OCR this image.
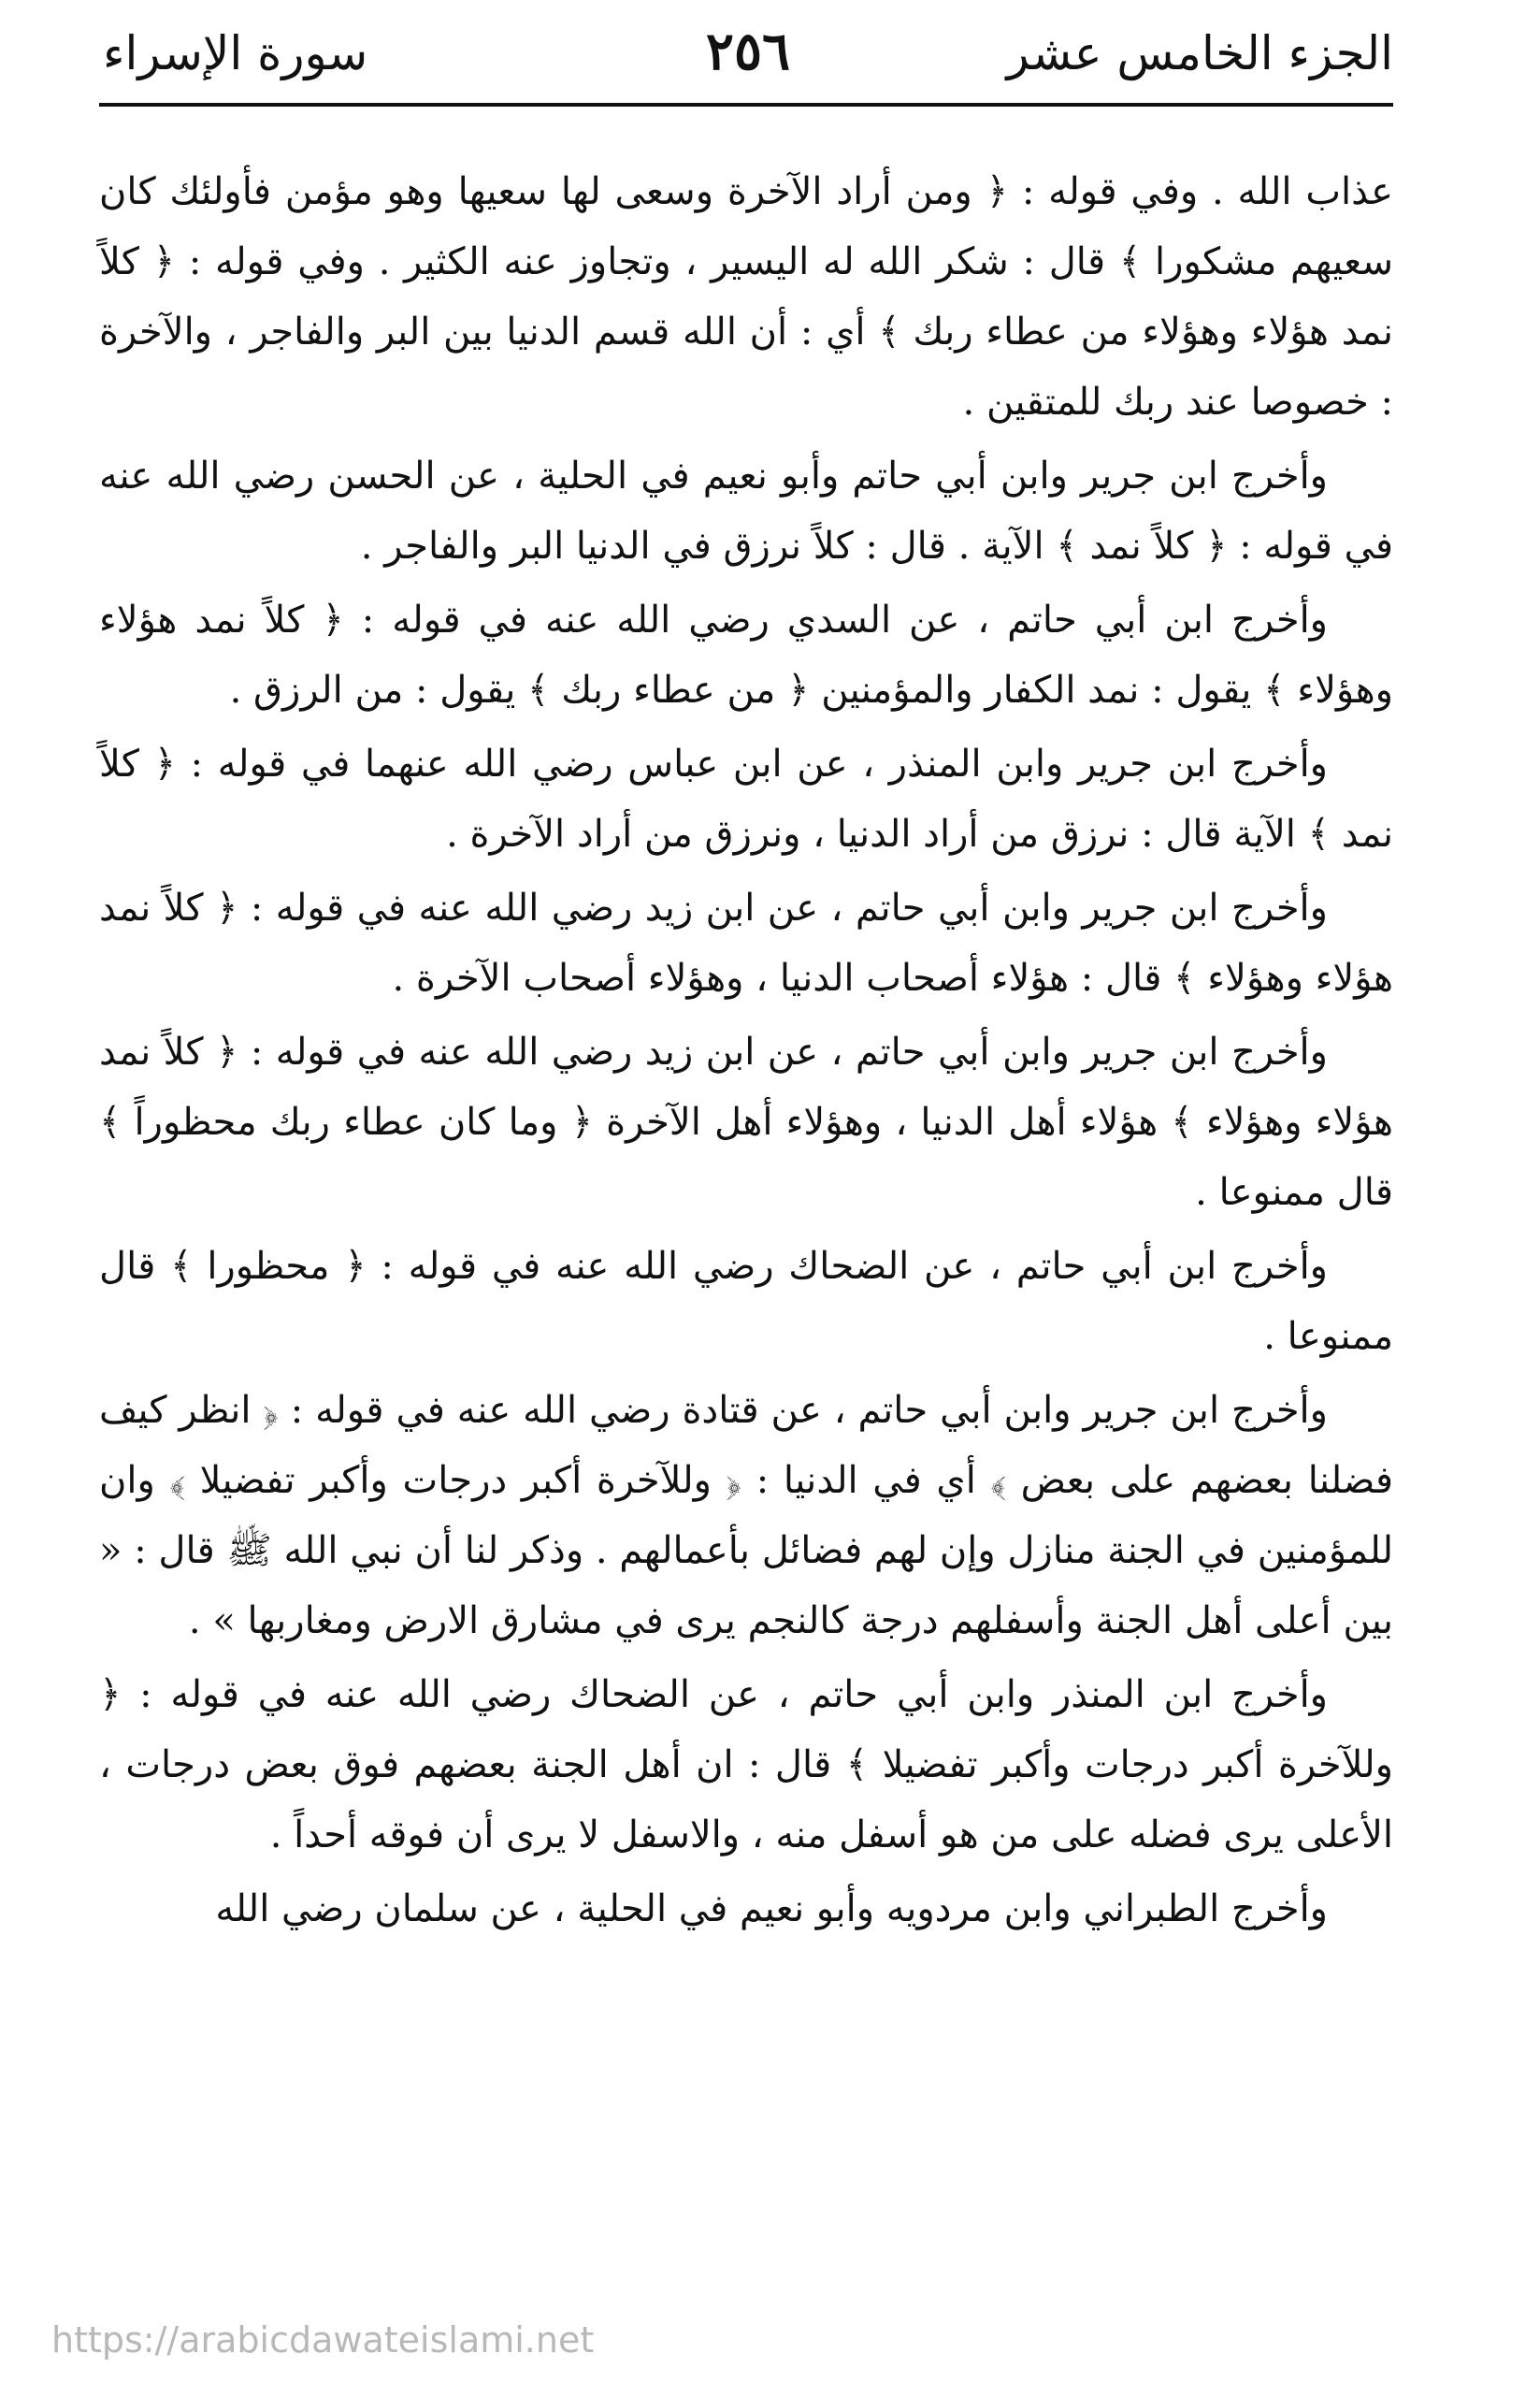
الجزء الخامس عشر
٢٥٦
سورة الإسراء

عذاب الله . وفي قوله : ﴿ ومن أراد الآخرة وسعى لها سعيها وهو مؤمن فأولئك كان سعيهم مشكورا ﴾ قال : شكر الله له اليسير ، وتجاوز عنه الكثير . وفي قوله : ﴿ كلاً نمد هؤلاء وهؤلاء من عطاء ربك ﴾ أي : أن الله قسم الدنيا بين البر والفاجر ، والآخرة : خصوصا عند ربك للمتقين .

وأخرج ابن جرير وابن أبي حاتم وأبو نعيم في الحلية ، عن الحسن رضي الله عنه في قوله : ﴿ كلاً نمد ﴾ الآية . قال : كلاً نرزق في الدنيا البر والفاجر .

وأخرج ابن أبي حاتم ، عن السدي رضي الله عنه في قوله : ﴿ كلاً نمد هؤلاء وهؤلاء ﴾ يقول : نمد الكفار والمؤمنين ﴿ من عطاء ربك ﴾ يقول : من الرزق .

وأخرج ابن جرير وابن المنذر ، عن ابن عباس رضي الله عنهما في قوله : ﴿ كلاً نمد ﴾ الآية قال : نرزق من أراد الدنيا ، ونرزق من أراد الآخرة .

وأخرج ابن جرير وابن أبي حاتم ، عن ابن زيد رضي الله عنه في قوله : ﴿ كلاً نمد هؤلاء وهؤلاء ﴾ قال : هؤلاء أصحاب الدنيا ، وهؤلاء أصحاب الآخرة .

وأخرج ابن جرير وابن أبي حاتم ، عن ابن زيد رضي الله عنه في قوله : ﴿ كلاً نمد هؤلاء وهؤلاء ﴾ هؤلاء أهل الدنيا ، وهؤلاء أهل الآخرة ﴿ وما كان عطاء ربك محظوراً ﴾ قال ممنوعا .

وأخرج ابن أبي حاتم ، عن الضحاك رضي الله عنه في قوله : ﴿ محظورا ﴾ قال ممنوعا .

وأخرج ابن جرير وابن أبي حاتم ، عن قتادة رضي الله عنه في قوله : ﴿ انظر كيف فضلنا بعضهم على بعض ﴾ أي في الدنيا : ﴿ وللآخرة أكبر درجات وأكبر تفضيلا ﴾ وان للمؤمنين في الجنة منازل وإن لهم فضائل بأعمالهم . وذكر لنا أن نبي الله ﷺ قال : « بين أعلى أهل الجنة وأسفلهم درجة كالنجم يرى في مشارق الارض ومغاربها » .

وأخرج ابن المنذر وابن أبي حاتم ، عن الضحاك رضي الله عنه في قوله : ﴿ وللآخرة أكبر درجات وأكبر تفضيلا ﴾ قال : ان أهل الجنة بعضهم فوق بعض درجات ، الأعلى يرى فضله على من هو أسفل منه ، والاسفل لا يرى أن فوقه أحداً .

وأخرج الطبراني وابن مردويه وأبو نعيم في الحلية ، عن سلمان رضي الله

https://arabicdawateislami.net
